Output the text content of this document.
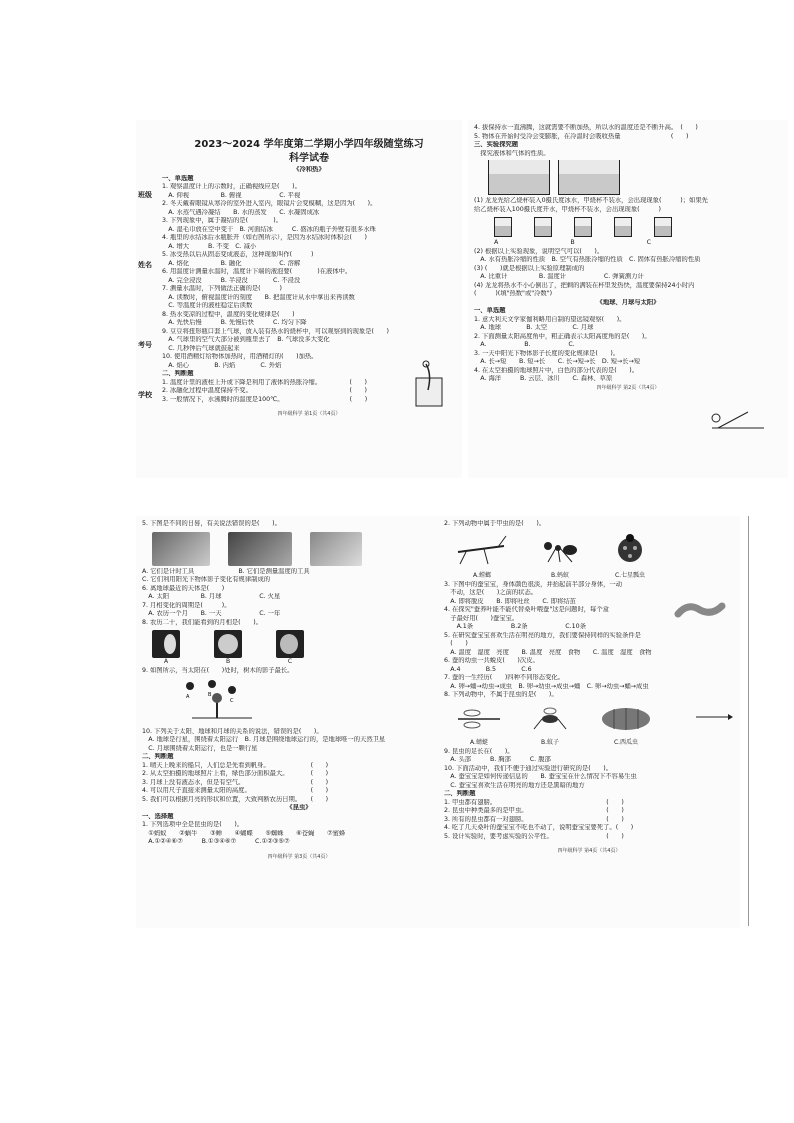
2023～2024 学年度第二学期小学四年级随堂练习
科学试卷
《冷和热》
一、单选题
1. 观察温度计上的示数时，正确视线应是(　　)。
　A. 仰视　　　　　B. 俯视　　　　　　C. 平视
2. 冬天戴着眼镜从寒冷的室外进入室内，眼镜片会变模糊，这是因为(　　)。
　A. 水蒸气遇冷凝结　　B. 水的蒸发　　C. 水凝固成冰
3. 下列现象中，属于凝结的是(　　　　)。
　A. 湿毛巾放在空中变干　B. 河面结冰　　　C. 盛冰的瓶子外壁有很多水珠
4. 瓶里的水结冰后水瓶胀开（如右图所示），是因为水结冰时体积会(　　)
　A. 增大　　　B. 不变　C. 减小
5. 冰受热以后从固态变成液态，这种现象叫作(　　　)
　A. 熔化　　　　　B. 融化　　　　　　C. 溶解
6. 用温度计测量水温时，温度计下端的液泡要(　　　　)在液体中。
　A. 完全浸没　　　B. 半浸没　　　　C. 不浸没
7. 测量水温时，下列做法正确的是(　　　)
　A. 读数时，俯视温度计的刻度　　B. 把温度计从水中拿出来再读数
　C. 等温度计的液柱稳定后读数
8. 热水变凉的过程中，温度的变化规律是(　　)
　A. 先快后慢　　　B. 先慢后快　　　C. 均匀下降
9. 豆豆将扭形瓶口套上气球，放入装有热水的烧杯中，可以观察到的现象是(　　)
　A. 气球里的空气大部分被到瓶里去了　B. 气球没多大变化
　C. 几秒钟后气球就鼓起来
10. 使用酒精灯给物体加热时，用酒精灯的(　　)加热。
　A. 焰心　　　　B. 内焰　　　　C. 外焰
二、判断题
1. 温度计里的液柱上升或下降是利用了液体的热胀冷缩。　　　　　(　　)
2. 冰融化过程中温度保持不变。　　　　　　　　　　　　　　　　(　　)
3. 一般情况下，水沸腾时的温度是100℃。　　　　　　　　　　　(　　)
四年级科学 第1页（共4页）
班级
姓名
考号
学校
4. 拔保持水一直沸腾，这就需要不断加热，所以水的温度还是不断升高。　(　　)
5. 物体在开始时受冷会变膨胀，在冷温时会吸收热量　　　　　　　　(　　)
三、实验探究题
　探究液体和气体的性质。
(1) 龙龙先给乙烧杯装入0摄氏度冰水，甲烧杯不装水，会出现现象(　　　)；如果先
给乙烧杯装入100摄氏度开水，甲烧杯不装水，会出现现象(　　　)
A	B	C
(2) 根据以上实验现象，说明空气可以(　　)。
　A. 水有热胀冷缩的性质　B. 空气有热胀冷缩的性质　C. 固体有热胀冷缩的性质
(3) (　　)就是根据以上实验原理制成的
　A. 比重计　　　　　B. 温度计　　　　　　C. 弹簧测力计
(4) 龙龙将热水不小心倒出了，把剩的满装在杯里发热快，温度要保持24小时内
(　　　)(填"热数"或"冷数")
《地球、月球与太阳》
一、单选题
1. 意大利天文学家伽利略用自制的望远镜观察(　　)。
　A. 地球　　　　B. 太空　　　　C. 月球
2. 下面测量太阳高度角中，粗正确表示太阳高度角的是(　　)。
　A.　　　　　　B.　　　　　　C.
3. 一天中阳光下物体影子长度的变化规律是(　　)。
　A. 长→短　　B. 短→长　　C. 长→短→长　D. 短→长→短
4. 在太空拍摄的地球照片中，白色的部分代表的是(　　)。
　A. 海洋　　　B. 云层、冰川　　C. 森林、草原
四年级科学 第2页（共4页）
5. 下图是不同的日晷，有关说法错误的是(　　)。
A. 它们是计时工具　　　　　　　B. 它们是测量温度的工具
C. 它们利用阳光下物体影子变化有规律制成的
6. 离地球最近的天体是(　　)
　A. 太阳　　　　　B. 月球　　　　　　C. 火星
7. 月相变化的周期是(　　　)。
　A. 农历一个月　　B. 一天　　　　　　C. 一年
8. 农历二十，我们能看到的月相是(　　)。
A	B	C
9. 如图所示，当太阳在(　　)处时，树木的影子最长。
A	B
C
10. 下列关于太阳、地球和月球的关系的说法，错误的是(　　)。
　A. 地球是行星，围绕着太阳运行　B. 月球是围绕地球运行的，是地球唯一的天然卫星
　C. 月球围绕着太阳运行，也是一颗行星
二、判断题
1. 晴天上晚来的船只，人们总是先看到帆身。　　　　　　　(　　)
2. 从太空拍摄的地球照片上看，绿色部分面积最大。　　　　(　　)
3. 月球上没有液态水，但是有空气。　　　　　　　　　　　(　　)
4. 可以用尺子直接来测量太阳的高度。　　　　　　　　　　(　　)
5. 我们可以根据月亮的形状和位置，大致判断农历日期。　　(　　)
《昆虫》
一、选择题
1. 下列选项中全是昆虫的是(　　)。
　①蚂蚁　　②蜗牛　　③蝉　　④蝴蝶　　⑤蜘蛛　　⑥苍蝇　　⑦蜜蜂
　A.①②④⑥⑦　　　B.①③④⑥⑦　　　C.①②③⑤⑦
四年级科学 第3页（共4页）
2. 下列动物中属于甲虫的是(　　)。
A.螳螂	B.蚂蚁	C.七星瓢虫
3. 下图中的蚕宝宝，身体颜色很淡，并抬起前半部分身体，一动
　不动，这是(　　)之前的状态。
　A. 即将脱皮　　B. 即将吐丝　　C. 即将结茧
4. 在探究"蚕养叶能不能代替桑叶喂蚕"这是问题时，每个盒
　子最好用(　　)蚕宝宝。
　　A.1条　　　　　　B.2条　　　　　　C.10条
5. 在研究蚕宝宝喜欢生活在明亮的地方，我们要保持同样的实验条件是
　(　　)
　A. 温度　湿度　亮度　　B. 温度　亮度　食物　　C. 温度　湿度　食物
6. 蚕的幼虫一共蜕皮(　　)次皮。
　A.4　　　　B.5　　　　C.6
7. 蚕的一生经历(　　)四种不同形态变化。
　A. 卵→蛹→幼虫→成虫　B. 卵→幼虫→成虫→蛹　C. 卵→幼虫→蛹→成虫
8. 下列动物中，不属于昆虫的是(　　)。
A.蜻蜓	B.蚊子	C.西瓜虫
9. 昆虫的足长在(　　)。
　A. 头部　　　B. 胸部　　　C. 腹部
10. 下面活动中，我们不便于通过实验进行研究的是(　　)。
　A. 蚕宝宝是如何传递信息的　　B. 蚕宝宝在什么情况下不容易生虫
　C. 蚕宝宝喜欢生活在明亮的地方还是黑暗的地方
二、判断题
1. 甲虫都有翅膀。　　　　　　　　　　　　　　　　　　(　　)
2. 昆虫中种类最多的是甲虫。　　　　　　　　　　　　　(　　)
3. 所有的昆虫都有一对翅膀。　　　　　　　　　　　　　(　　)
4. 吃了几天桑叶的蚕宝宝不吃也不动了，说明蚕宝宝要死了。(　　)
5. 设计实验时，要考虑实验的公平性。　　　　　　　　　(　　)
四年级科学 第4页（共4页）
